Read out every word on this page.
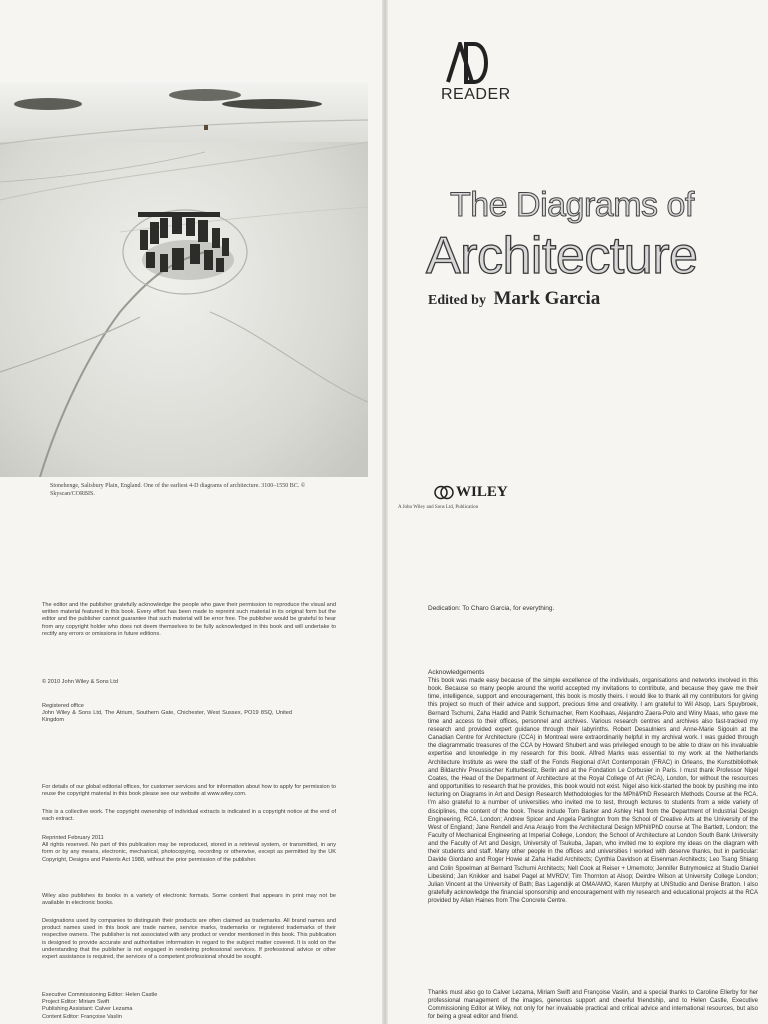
Stonehenge, Salisbury Plain, England. One of the earliest 4-D diagrams of architecture. 3100–1550 BC. © Skyscan/CORBIS.

The editor and the publisher gratefully acknowledge the people who gave their permission to reproduce the visual and written material featured in this book. Every effort has been made to repreint such material in its original form but the editor and the publisher cannot guarantee that such material will be error free. The publisher would be grateful to hear from any copyright holder who does not deem themselves to be fully acknowledged in this book and will undertake to rectify any errors or omissions in future editions.

© 2010 John Wiley & Sons Ltd

Registered office

John Wiley & Sons Ltd, The Atrium, Southern Gate, Chichester, West Sussex, PO19 8SQ, United Kingdom

For details of our global editorial offices, for customer services and for information about how to apply for permission to reuse the copyright material in this book please see our website at www.wiley.com.

This is a collective work. The copyright ownership of individual extracts is indicated in a copyright notice at the end of each extract.

Reprinted February 2011

All rights reserved. No part of this publication may be reproduced, stored in a retrieval system, or transmitted, in any form or by any means, electronic, mechanical, photocopying, recording or otherwise, except as permitted by the UK Copyright, Designs and Patents Act 1988, without the prior permission of the publisher.

Wiley also publishes its books in a variety of electronic formats. Some content that appears in print may not be available in electronic books.

Designations used by companies to distinguish their products are often claimed as trademarks. All brand names and product names used in this book are trade names, service marks, trademarks or registered trademarks of their respective owners. The publisher is not associated with any product or vendor mentioned in this book. This publication is designed to provide accurate and authoritative information in regard to the subject matter covered. It is sold on the understanding that the publisher is not engaged in rendering professional services. If professional advice or other expert assistance is required, the services of a competent professional should be sought.

Executive Commissioning Editor: Helen Castle

Project Editor: Miriam Swift

Publishing Assistant: Calver Lezama

Content Editor: Françoise Vaslin

READER
The Diagrams of
Architecture
Edited by Mark Garcia
WILEY
A John Wiley and Sons Ltd, Publication
Dedication: To Charo Garcia, for everything.
Acknowledgements
This book was made easy because of the simple excellence of the individuals, organisations and networks involved in this book. Because so many people around the world accepted my invitations to contribute, and because they gave me their time, intelligence, support and encouragement, this book is mostly theirs. I would like to thank all my contributors for giving this project so much of their advice and support, precious time and creativity. I am grateful to Wil Alsop, Lars Spuybroek, Bernard Tschumi, Zaha Hadid and Patrik Schumacher, Rem Koolhaas, Alejandro Zaera-Polo and Winy Maas, who gave me time and access to their offices, personnel and archives. Various research centres and archives also fast-tracked my research and provided expert guidance through their labyrinths. Robert Desaulniers and Anne-Marie Sigouin at the Canadian Centre for Architecture (CCA) in Montreal were extraordinarily helpful in my archival work. I was guided through the diagrammatic treasures of the CCA by Howard Shubert and was privileged enough to be able to draw on his invaluable expertise and knowledge in my research for this book. Alfred Marks was essential to my work at the Netherlands Architecture Institute as were the staff of the Fonds Regional d'Art Contemporain (FRAC) in Orleans, the Kunstbibliothek and Bildarchiv Preussischer Kulturbesitz, Berlin and at the Fondation Le Corbusier in Paris. I must thank Professor Nigel Coates, the Head of the Department of Architecture at the Royal College of Art (RCA), London, for without the resources and opportunities to research that he provides, this book would not exist. Nigel also kick-started the book by pushing me into lecturing on Diagrams in Art and Design Research Methodologies for the MPhil/PhD Research Methods Course at the RCA. I'm also grateful to a number of universities who invited me to test, through lectures to students from a wide variety of disciplines, the content of the book. These include Tom Barker and Ashley Hall from the Department of Industrial Design Engineering, RCA, London; Andrew Spicer and Angela Partington from the School of Creative Arts at the University of the West of England; Jane Rendell and Ana Araujo from the Architectural Design MPhil/PhD course at The Bartlett, London; the Faculty of Mechanical Engineering at Imperial College, London; the School of Architecture at London South Bank University and the Faculty of Art and Design, University of Tsukuba, Japan, who invited me to explore my ideas on the diagram with their students and staff. Many other people in the offices and universities I worked with deserve thanks, but in particular: Davide Giordano and Roger Howie at Zaha Hadid Architects; Cynthia Davidson at Eisenman Architects; Leo Tsang Shiang and Colin Spoelman at Bernard Tschumi Architects; Nell Cook at Reiser + Umemoto; Jennifer Butrymowicz at Studio Daniel Libeskind; Jan Knikker and Isabel Pagel at MVRDV; Tim Thornton at Alsop; Deirdre Wilson at University College London; Julian Vincent at the University of Bath; Bas Lagendijk at OMA/AMO, Karen Murphy at UNStudio and Denise Bratton. I also gratefully acknowledge the financial sponsorship and encouragement with my research and educational projects at the RCA provided by Allan Haines from The Concrete Centre.
Thanks must also go to Calver Lezama, Miriam Swift and Françoise Vaslin, and a special thanks to Caroline Ellerby for her professional management of the images, generous support and cheerful friendship, and to Helen Castle, Executive Commissioning Editor at Wiley, not only for her invaluable practical and critical advice and international resources, but also for being a great editor and friend.
